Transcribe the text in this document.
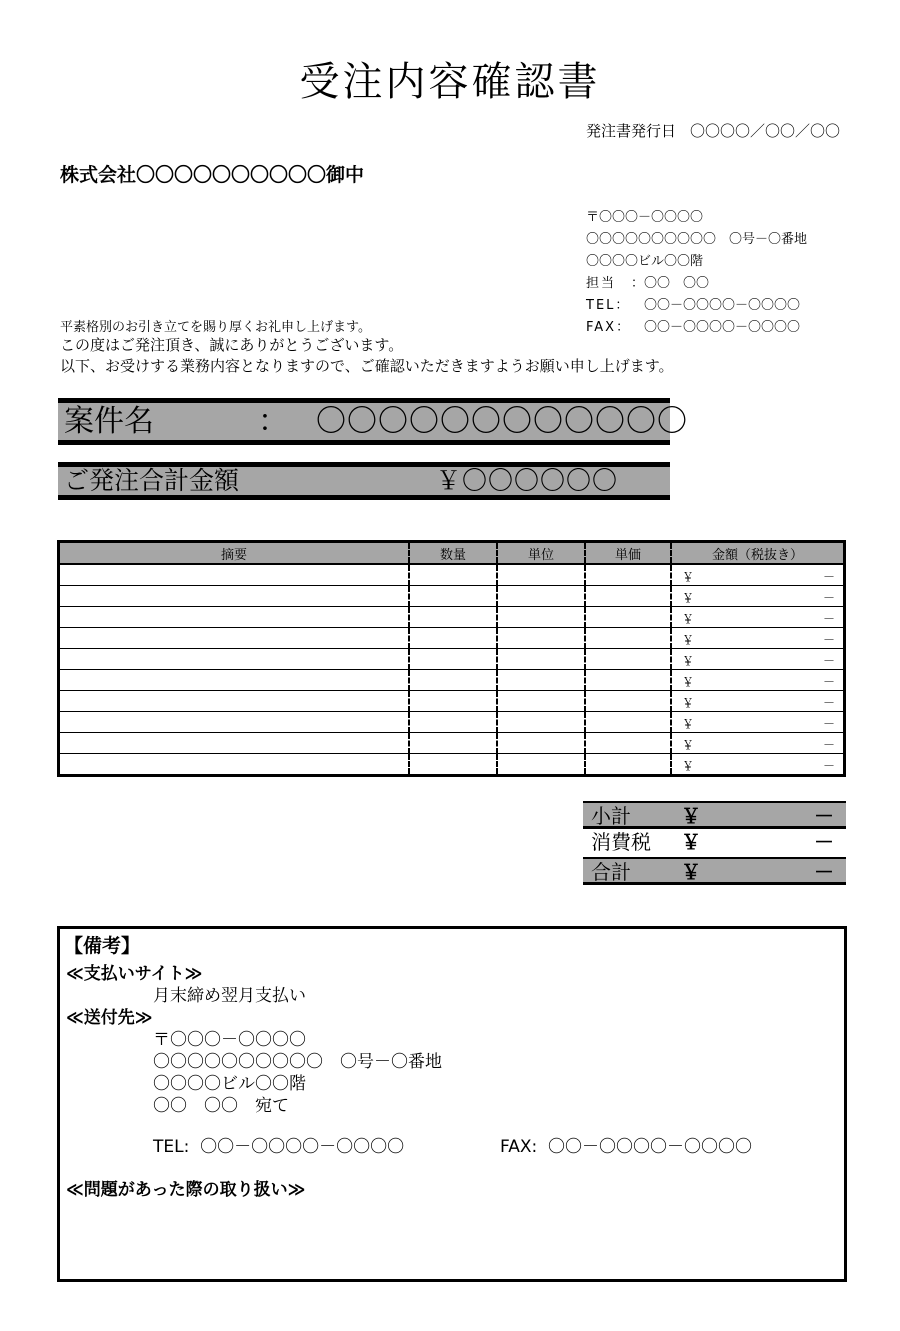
受注内容確認書
発注書発行日 〇〇〇〇／〇〇／〇〇
株式会社〇〇〇〇〇〇〇〇〇〇御中
〒〇〇〇－〇〇〇〇
〇〇〇〇〇〇〇〇〇〇　〇号－〇番地
〇〇〇〇ビル〇〇階
担当　：〇〇　〇〇
TEL： 〇〇－〇〇〇〇－〇〇〇〇
FAX： 〇〇－〇〇〇〇－〇〇〇〇
平素格別のお引き立てを賜り厚くお礼申し上げます。
この度はご発注頂き、誠にありがとうございます。
以下、お受けする業務内容となりますので、ご確認いただきますようお願い申し上げます。
案件名	： 〇〇〇〇〇〇〇〇〇〇〇〇
ご発注合計金額	￥〇〇〇〇〇〇
摘要	数量	単位	単価	金額（税抜き）

				￥ －

				￥ －

				￥ －

				￥ －

				￥ －

				￥ －

				￥ －

				￥ －

				￥ －

				￥ －
小計	￥	－
消費税 ￥	－
合計	￥	－
【備考】
≪支払いサイト≫
月末締め翌月支払い
≪送付先≫
〒〇〇〇－〇〇〇〇
〇〇〇〇〇〇〇〇〇〇　〇号－〇番地
〇〇〇〇ビル〇〇階
〇〇　〇〇　宛て
TEL: 〇〇－〇〇〇〇－〇〇〇〇	FAX: 〇〇－〇〇〇〇－〇〇〇〇
≪問題があった際の取り扱い≫
